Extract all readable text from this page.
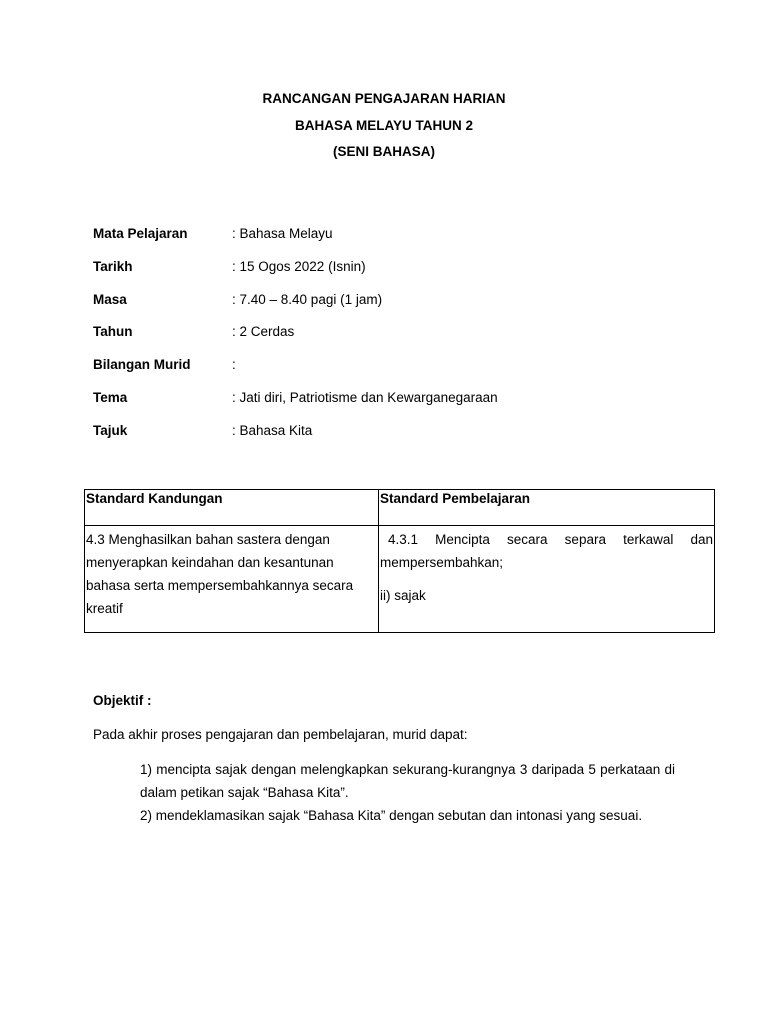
RANCANGAN PENGAJARAN HARIAN
BAHASA MELAYU TAHUN 2
(SENI BAHASA)
Mata Pelajaran	: Bahasa Melayu
Tarikh	: 15 Ogos 2022 (Isnin)
Masa	: 7.40 – 8.40 pagi (1 jam)
Tahun	: 2 Cerdas
Bilangan Murid	:
Tema	: Jati diri, Patriotisme dan Kewarganegaraan
Tajuk	: Bahasa Kita
Standard Kandungan	Standard Pembelajaran
4.3 Menghasilkan bahan sastera dengan menyerapkan keindahan dan kesantunan bahasa serta mempersembahkannya secara kreatif	4.3.1 Mencipta secara separa terkawal dan mempersembahkan;
ii) sajak
Objektif :
Pada akhir proses pengajaran dan pembelajaran, murid dapat:
1) mencipta sajak dengan melengkapkan sekurang-kurangnya 3 daripada 5 perkataan di dalam petikan sajak “Bahasa Kita”.
2) mendeklamasikan sajak “Bahasa Kita” dengan sebutan dan intonasi yang sesuai.
